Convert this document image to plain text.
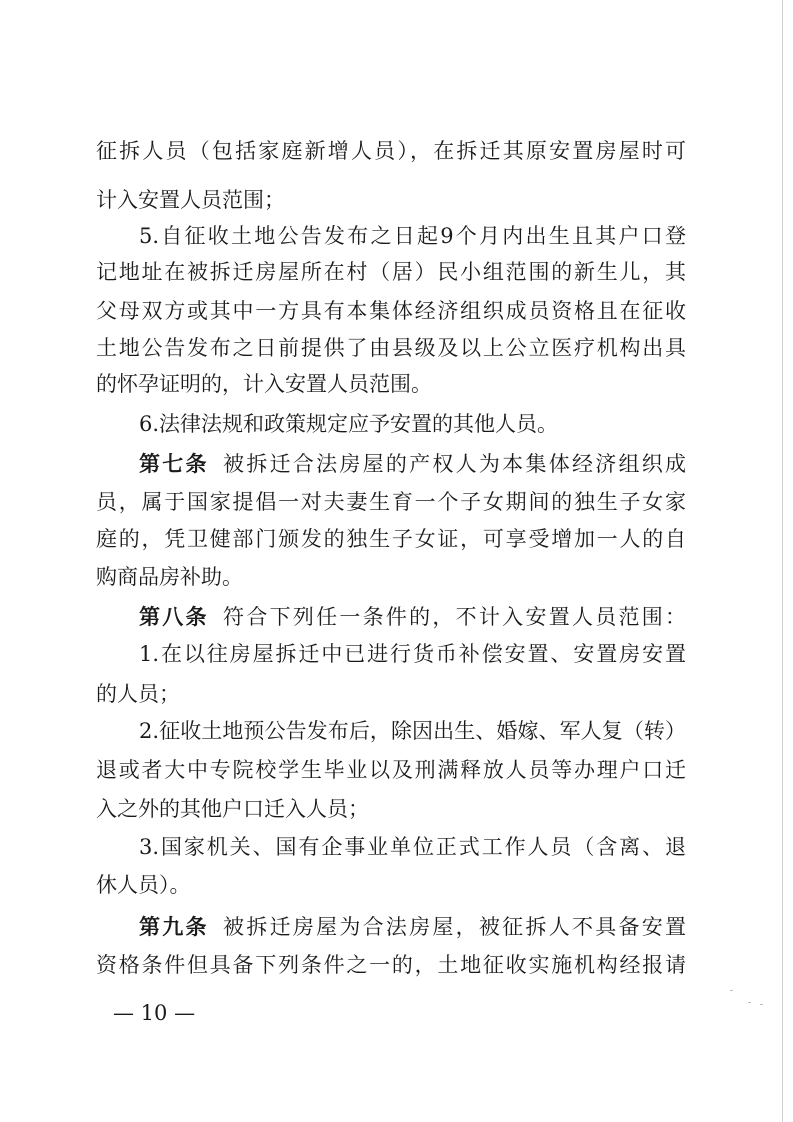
征拆人员（包括家庭新增人员），在拆迁其原安置房屋时可
计入安置人员范围；
5.自征收土地公告发布之日起9个月内出生且其户口登
记地址在被拆迁房屋所在村（居）民小组范围的新生儿，其
父母双方或其中一方具有本集体经济组织成员资格且在征收
土地公告发布之日前提供了由县级及以上公立医疗机构出具
的怀孕证明的，计入安置人员范围。
6.法律法规和政策规定应予安置的其他人员。
第七条 被拆迁合法房屋的产权人为本集体经济组织成
员，属于国家提倡一对夫妻生育一个子女期间的独生子女家
庭的，凭卫健部门颁发的独生子女证，可享受增加一人的自
购商品房补助。
第八条 符合下列任一条件的，不计入安置人员范围：
1.在以往房屋拆迁中已进行货币补偿安置、安置房安置
的人员；
2.征收土地预公告发布后，除因出生、婚嫁、军人复（转）
退或者大中专院校学生毕业以及刑满释放人员等办理户口迁
入之外的其他户口迁入人员；
3.国家机关、国有企事业单位正式工作人员（含离、退
休人员）。
第九条 被拆迁房屋为合法房屋，被征拆人不具备安置
资格条件但具备下列条件之一的，土地征收实施机构经报请
— 10 —
